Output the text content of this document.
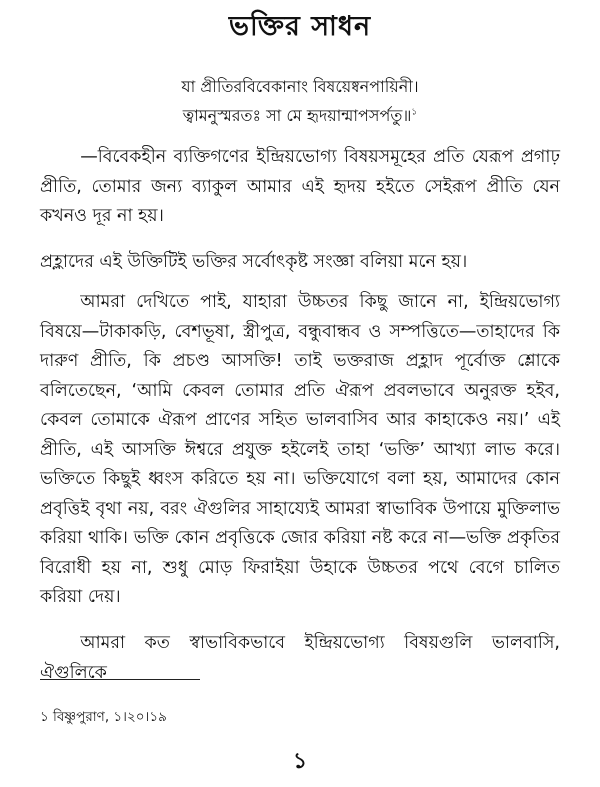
ভক্তির সাধন
যা প্রীতিরবিবেকানাং বিষয়েষ্বনপায়িনী।
ত্বামনুস্মরতঃ সা মে হৃদয়ান্মাপসর্পতু॥$^১$

—বিবেকহীন ব্যক্তিগণের ইন্দ্রিয়ভোগ্য বিষয়সমূহের প্রতি যেরূপ প্রগাঢ় প্রীতি, তোমার জন্য ব্যাকুল আমার এই হৃদয় হইতে সেইরূপ প্রীতি যেন কখনও দূর না হয়।

প্রহ্লাদের এই উক্তিটিই ভক্তির সর্বোৎকৃষ্ট সংজ্ঞা বলিয়া মনে হয়।

আমরা দেখিতে পাই, যাহারা উচ্চতর কিছু জানে না, ইন্দ্রিয়ভোগ্য বিষয়ে—টাকাকড়ি, বেশভূষা, স্ত্রীপুত্র, বন্ধুবান্ধব ও সম্পত্তিতে—তাহাদের কি দারুণ প্রীতি, কি প্রচণ্ড আসক্তি! তাই ভক্তরাজ প্রহ্লাদ পূর্বোক্ত শ্লোকে বলিতেছেন, ‘আমি কেবল তোমার প্রতি ঐরূপ প্রবলভাবে অনুরক্ত হইব, কেবল তোমাকে ঐরূপ প্রাণের সহিত ভালবাসিব আর কাহাকেও নয়।’ এই প্রীতি, এই আসক্তি ঈশ্বরে প্রযুক্ত হইলেই তাহা ‘ভক্তি’ আখ্যা লাভ করে। ভক্তিতে কিছুই ধ্বংস করিতে হয় না। ভক্তিযোগে বলা হয়, আমাদের কোন প্রবৃত্তিই বৃথা নয়, বরং ঐগুলির সাহায্যেই আমরা স্বাভাবিক উপায়ে মুক্তিলাভ করিয়া থাকি। ভক্তি কোন প্রবৃত্তিকে জোর করিয়া নষ্ট করে না—ভক্তি প্রকৃতির বিরোধী হয় না, শুধু মোড় ফিরাইয়া উহাকে উচ্চতর পথে বেগে চালিত করিয়া দেয়।

আমরা কত স্বাভাবিকভাবে ইন্দ্রিয়ভোগ্য বিষয়গুলি ভালবাসি, ঐগুলিকে

১ বিষ্ণুপুরাণ, ১।২০।১৯
১
